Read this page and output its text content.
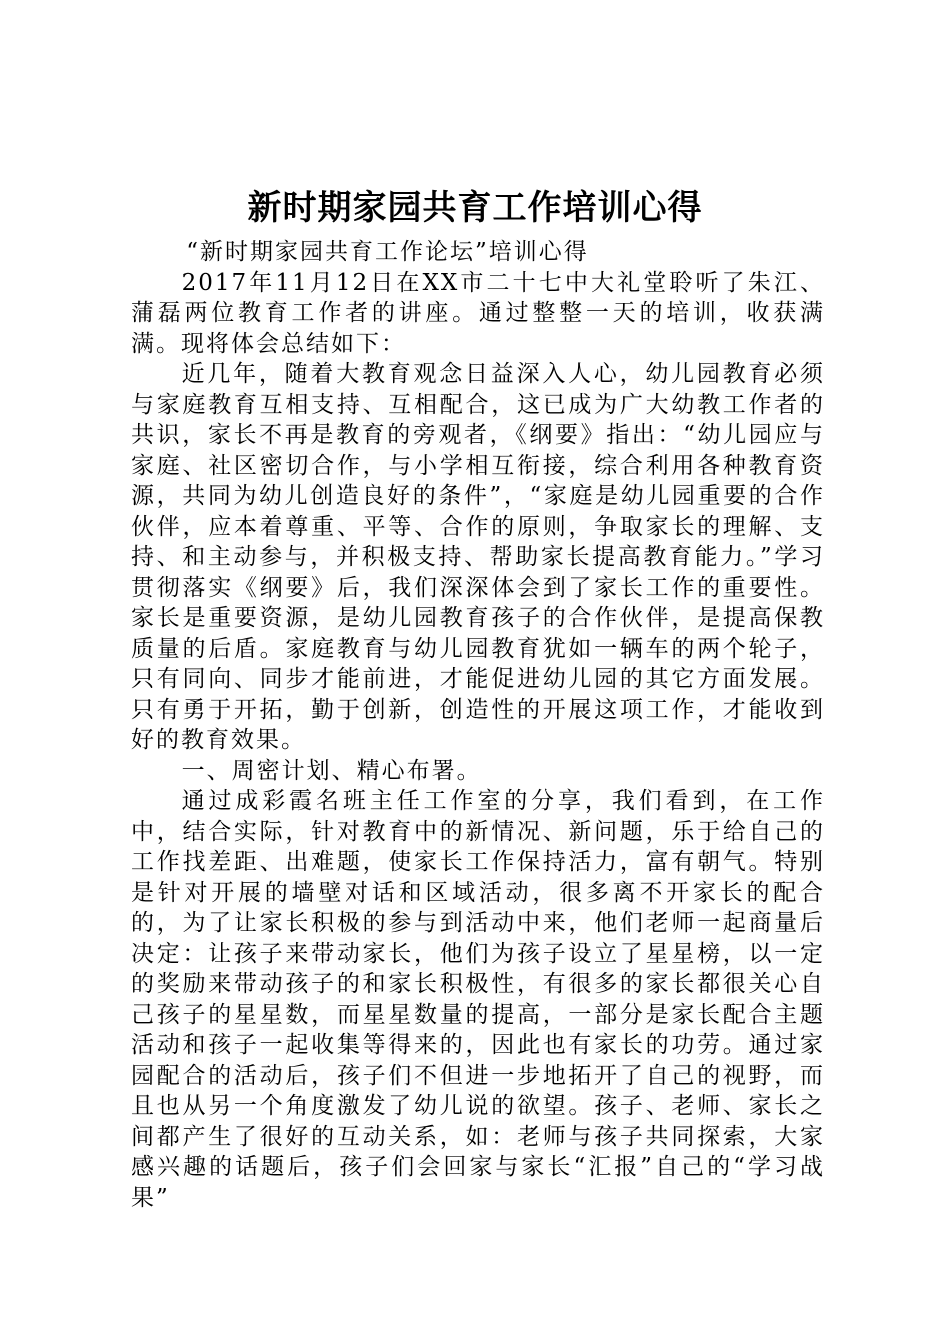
新时期家园共育工作培训心得

“新时期家园共育工作论坛”培训心得

2017年11月12日在XX市二十七中大礼堂聆听了朱江、蒲磊两位教育工作者的讲座。通过整整一天的培训，收获满满。现将体会总结如下：

近几年，随着大教育观念日益深入人心，幼儿园教育必须与家庭教育互相支持、互相配合，这已成为广大幼教工作者的共识，家长不再是教育的旁观者，《纲要》指出：“幼儿园应与家庭、社区密切合作，与小学相互衔接，综合利用各种教育资源，共同为幼儿创造良好的条件”，“家庭是幼儿园重要的合作伙伴，应本着尊重、平等、合作的原则，争取家长的理解、支持、和主动参与，并积极支持、帮助家长提高教育能力。”学习贯彻落实《纲要》后，我们深深体会到了家长工作的重要性。家长是重要资源，是幼儿园教育孩子的合作伙伴，是提高保教质量的后盾。家庭教育与幼儿园教育犹如一辆车的两个轮子，只有同向、同步才能前进，才能促进幼儿园的其它方面发展。只有勇于开拓，勤于创新，创造性的开展这项工作，才能收到好的教育效果。

一、周密计划、精心布署。

通过成彩霞名班主任工作室的分享，我们看到，在工作中，结合实际，针对教育中的新情况、新问题，乐于给自己的工作找差距、出难题，使家长工作保持活力，富有朝气。特别是针对开展的墙壁对话和区域活动，很多离不开家长的配合的，为了让家长积极的参与到活动中来，他们老师一起商量后决定：让孩子来带动家长，他们为孩子设立了星星榜，以一定的奖励来带动孩子的和家长积极性，有很多的家长都很关心自己孩子的星星数，而星星数量的提高，一部分是家长配合主题活动和孩子一起收集等得来的，因此也有家长的功劳。通过家园配合的活动后，孩子们不但进一步地拓开了自己的视野，而且也从另一个角度激发了幼儿说的欲望。孩子、老师、家长之间都产生了很好的互动关系，如：老师与孩子共同探索，大家感兴趣的话题后，孩子们会回家与家长“汇报”自己的“学习战果”
